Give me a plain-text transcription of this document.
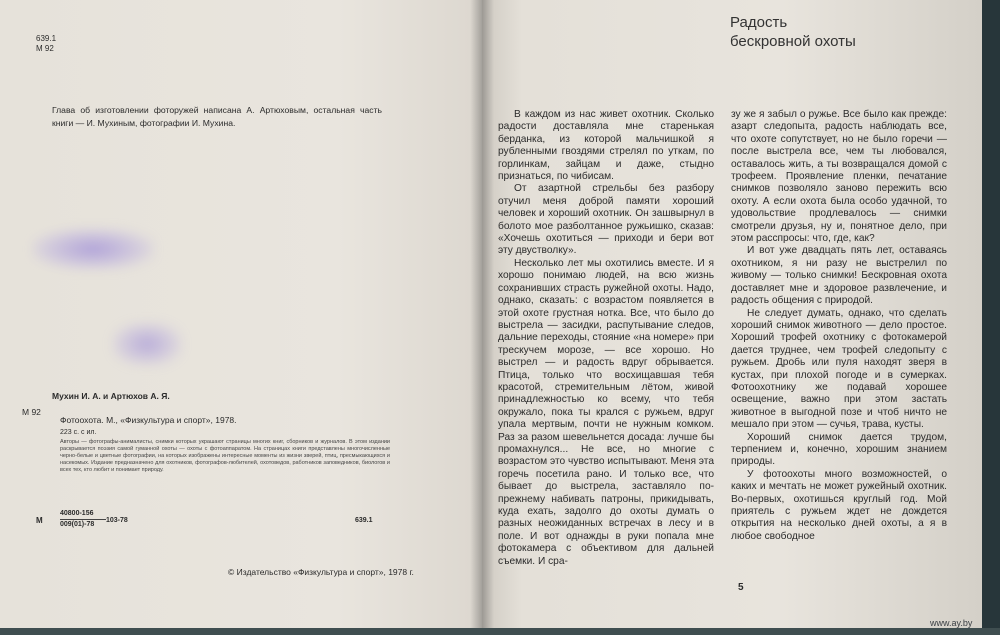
639.1
М 92
Глава об изготовлении фоторужей написана А. Артюховым, остальная часть книги — И. Мухиным, фотографии И. Мухина.
Мухин И. А. и Артюхов А. Я.
М 92
Фотоохота. М., «Физкультура и спорт», 1978.
223 с. с ил.
Авторы — фотографы-анималисты, снимки которых украшают страницы многих книг, сборников и журналов. В этом издании раскрывается поэзия самой гуманной охоты — охоты с фотоаппаратом. На страницах книги представлены многочисленные черно-белые и цветные фотографии, на которых изображены интересные моменты из жизни зверей, птиц, пресмыкающихся и насекомых. Издание предназначено для охотников, фотографов-любителей, охотоведов, работников заповедников, биологов и всех тех, кто любит и понимает природу.
М
40800-156
009(01)-78
103-78	639.1
© Издательство «Физкультура и спорт», 1978 г.
Радость
бескровной охоты

В каждом из нас живет охотник. Сколько радости доставляла мне старенькая берданка, из которой мальчишкой я рубленными гвоздями стрелял по уткам, по горлинкам, зайцам и даже, стыдно признаться, по чибисам.

От азартной стрельбы без разбору отучил меня доброй памяти хороший человек и хороший охотник. Он зашвырнул в болото мое разболтанное ружьишко, сказав: «Хочешь охотиться — приходи и бери вот эту двустволку».

Несколько лет мы охотились вместе. И я хорошо понимаю людей, на всю жизнь сохранивших страсть ружейной охоты. Надо, однако, сказать: с возрастом появляется в этой охоте грустная нотка. Все, что было до выстрела — засидки, распутывание следов, дальние переходы, стояние «на номере» при трескучем морозе, — все хорошо. Но выстрел — и радость вдруг обрывается. Птица, только что восхищавшая тебя красотой, стремительным лётом, живой принадлежностью ко всему, что тебя окружало, пока ты крался с ружьем, вдруг упала мертвым, почти не нужным комком. Раз за разом шевельнется досада: лучше бы промахнулся... Не все, но многие с возрастом это чувство испытывают. Меня эта горечь посетила рано. И только все, что бывает до выстрела, заставляло по-прежнему набивать патроны, прикидывать, куда ехать, задолго до охоты думать о разных неожиданных встречах в лесу и в поле. И вот однажды в руки попала мне фотокамера с объективом для дальней съемки. И сра-

зу же я забыл о ружье. Все было как прежде: азарт следопыта, радость наблюдать все, что охоте сопутствует, но не было горечи — после выстрела все, чем ты любовался, оставалось жить, а ты возвращался домой с трофеем. Проявление пленки, печатание снимков позволяло заново пережить всю охоту. А если охота была особо удачной, то удовольствие продлевалось — снимки смотрели друзья, ну и, понятное дело, при этом расспросы: что, где, как?

И вот уже двадцать пять лет, оставаясь охотником, я ни разу не выстрелил по живому — только снимки! Бескровная охота доставляет мне и здоровое развлечение, и радость общения с природой.

Не следует думать, однако, что сделать хороший снимок животного — дело простое. Хороший трофей охотнику с фотокамерой дается труднее, чем трофей следопыту с ружьем. Дробь или пуля находят зверя в кустах, при плохой погоде и в сумерках. Фотоохотнику же подавай хорошее освещение, важно при этом застать животное в выгодной позе и чтоб ничто не мешало при этом — сучья, трава, кусты.

Хороший снимок дается трудом, терпением и, конечно, хорошим знанием природы.

У фотоохоты много возможностей, о каких и мечтать не может ружейный охотник. Во-первых, охотишься круглый год. Мой приятель с ружьем ждет не дождется открытия на несколько дней охоты, а я в любое свободное

5
www.ay.by
